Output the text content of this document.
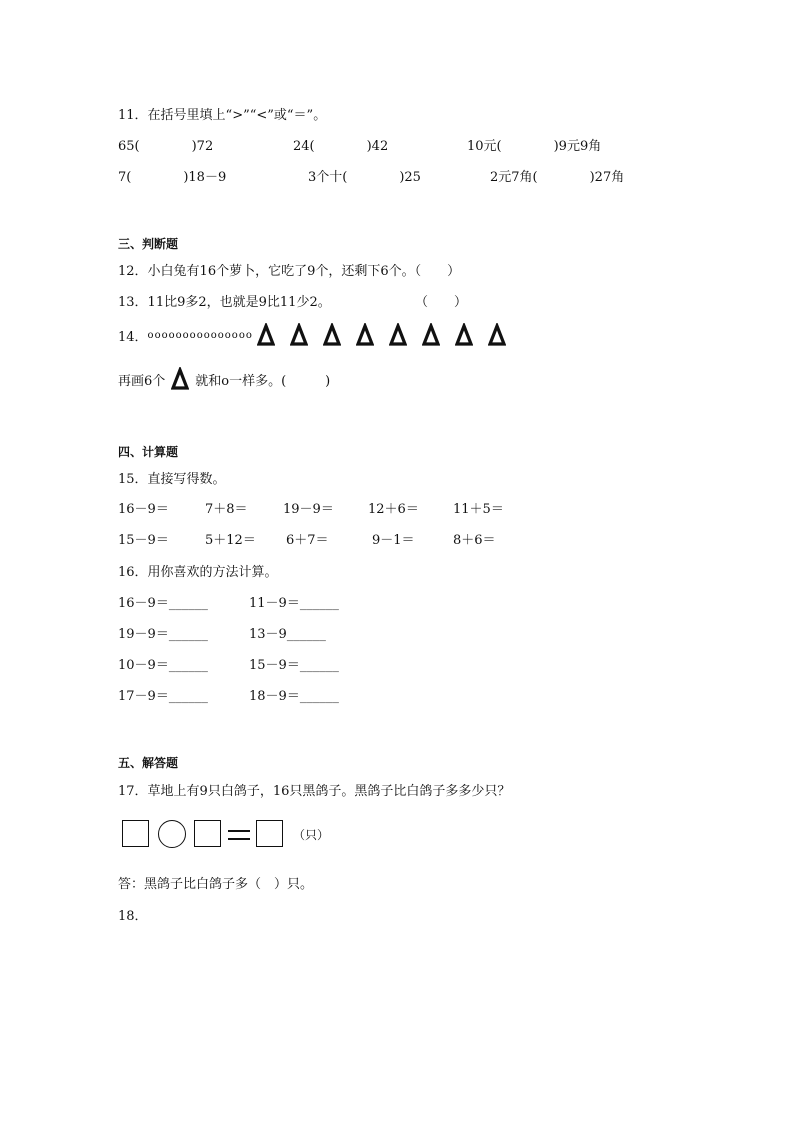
11．在括号里填上“>”“<”或“＝”。
65(　　　　)72	24(　　　　)42	10元(　　　　)9元9角
7(　　　　)18－9	3个十(　　　　)25	2元7角(　　　　)27角
三、判断题
12．小白兔有16个萝卜，它吃了9个，还剩下6个。（　　）
13．11比9多2，也就是9比11少2。	（　　）
14． ooooooooooooooo
再画6个 就和o一样多。(　　　)
四、计算题
15．直接写得数。
16－9＝	7＋8＝	19－9＝	12＋6＝	11＋5＝
15－9＝	5＋12＝ 6＋7＝	9－1＝	8＋6＝
16．用你喜欢的方法计算。
16－9＝______	11－9＝______
19－9＝______	13－9______
10－9＝______	15－9＝______
17－9＝______	18－9＝______
五、解答题
17．草地上有9只白鸽子，16只黑鸽子。黑鸽子比白鸽子多多少只？
（只）
答：黑鸽子比白鸽子多（　）只。
18．
